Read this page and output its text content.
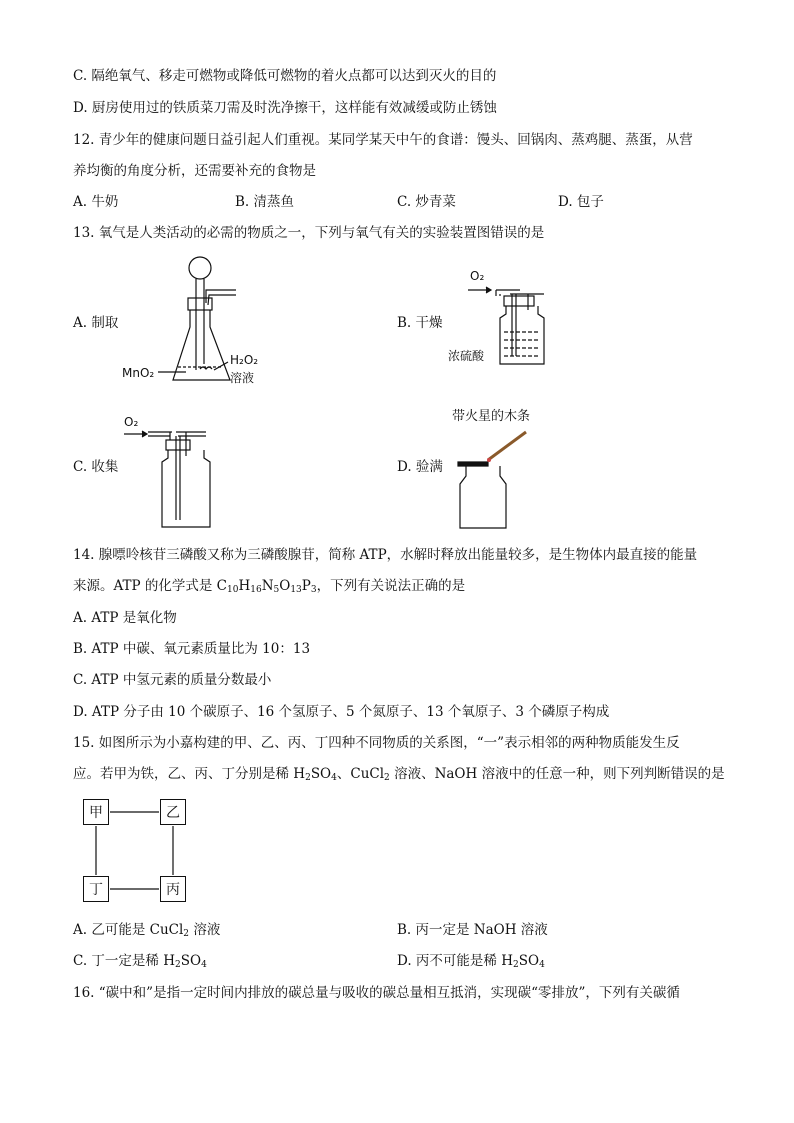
C. 隔绝氧气、移走可燃物或降低可燃物的着火点都可以达到灭火的目的
D. 厨房使用过的铁质菜刀需及时洗净擦干，这样能有效减缓或防止锈蚀
12. 青少年的健康问题日益引起人们重视。某同学某天中午的食谱：馒头、回锅肉、蒸鸡腿、蒸蛋，从营
养均衡的角度分析，还需要补充的食物是
A. 牛奶	B. 清蒸鱼	C. 炒青菜	D. 包子
13. 氧气是人类活动的必需的物质之一，下列与氧气有关的实验装置图错误的是
A. 制取	B. 干燥
C. 收集	D. 验满
MnO₂
H₂O₂
溶液
O₂
浓硫酸
O₂	带火星的木条
14. 腺嘌呤核苷三磷酸又称为三磷酸腺苷，简称 ATP，水解时释放出能量较多，是生物体内最直接的能量
来源。ATP 的化学式是 $C_{10}H_{16}N_5O_{13}P_3$，下列有关说法正确的是
A. ATP 是氧化物
B. ATP 中碳、氧元素质量比为 10：13
C. ATP 中氢元素的质量分数最小
D. ATP 分子由 10 个碳原子、16 个氢原子、5 个氮原子、13 个氧原子、3 个磷原子构成
15. 如图所示为小嘉构建的甲、乙、丙、丁四种不同物质的关系图，“一”表示相邻的两种物质能发生反
应。若甲为铁，乙、丙、丁分别是稀 $H_2SO_4$、CuCl$_2$ 溶液、NaOH 溶液中的任意一种，则下列判断错误的是
甲	乙
丁	丙
A. 乙可能是 CuCl$_2$ 溶液	B. 丙一定是 NaOH 溶液
C. 丁一定是稀 $H_2SO_4$	D. 丙不可能是稀 $H_2SO_4$
16. “碳中和”是指一定时间内排放的碳总量与吸收的碳总量相互抵消，实现碳“零排放”，下列有关碳循
